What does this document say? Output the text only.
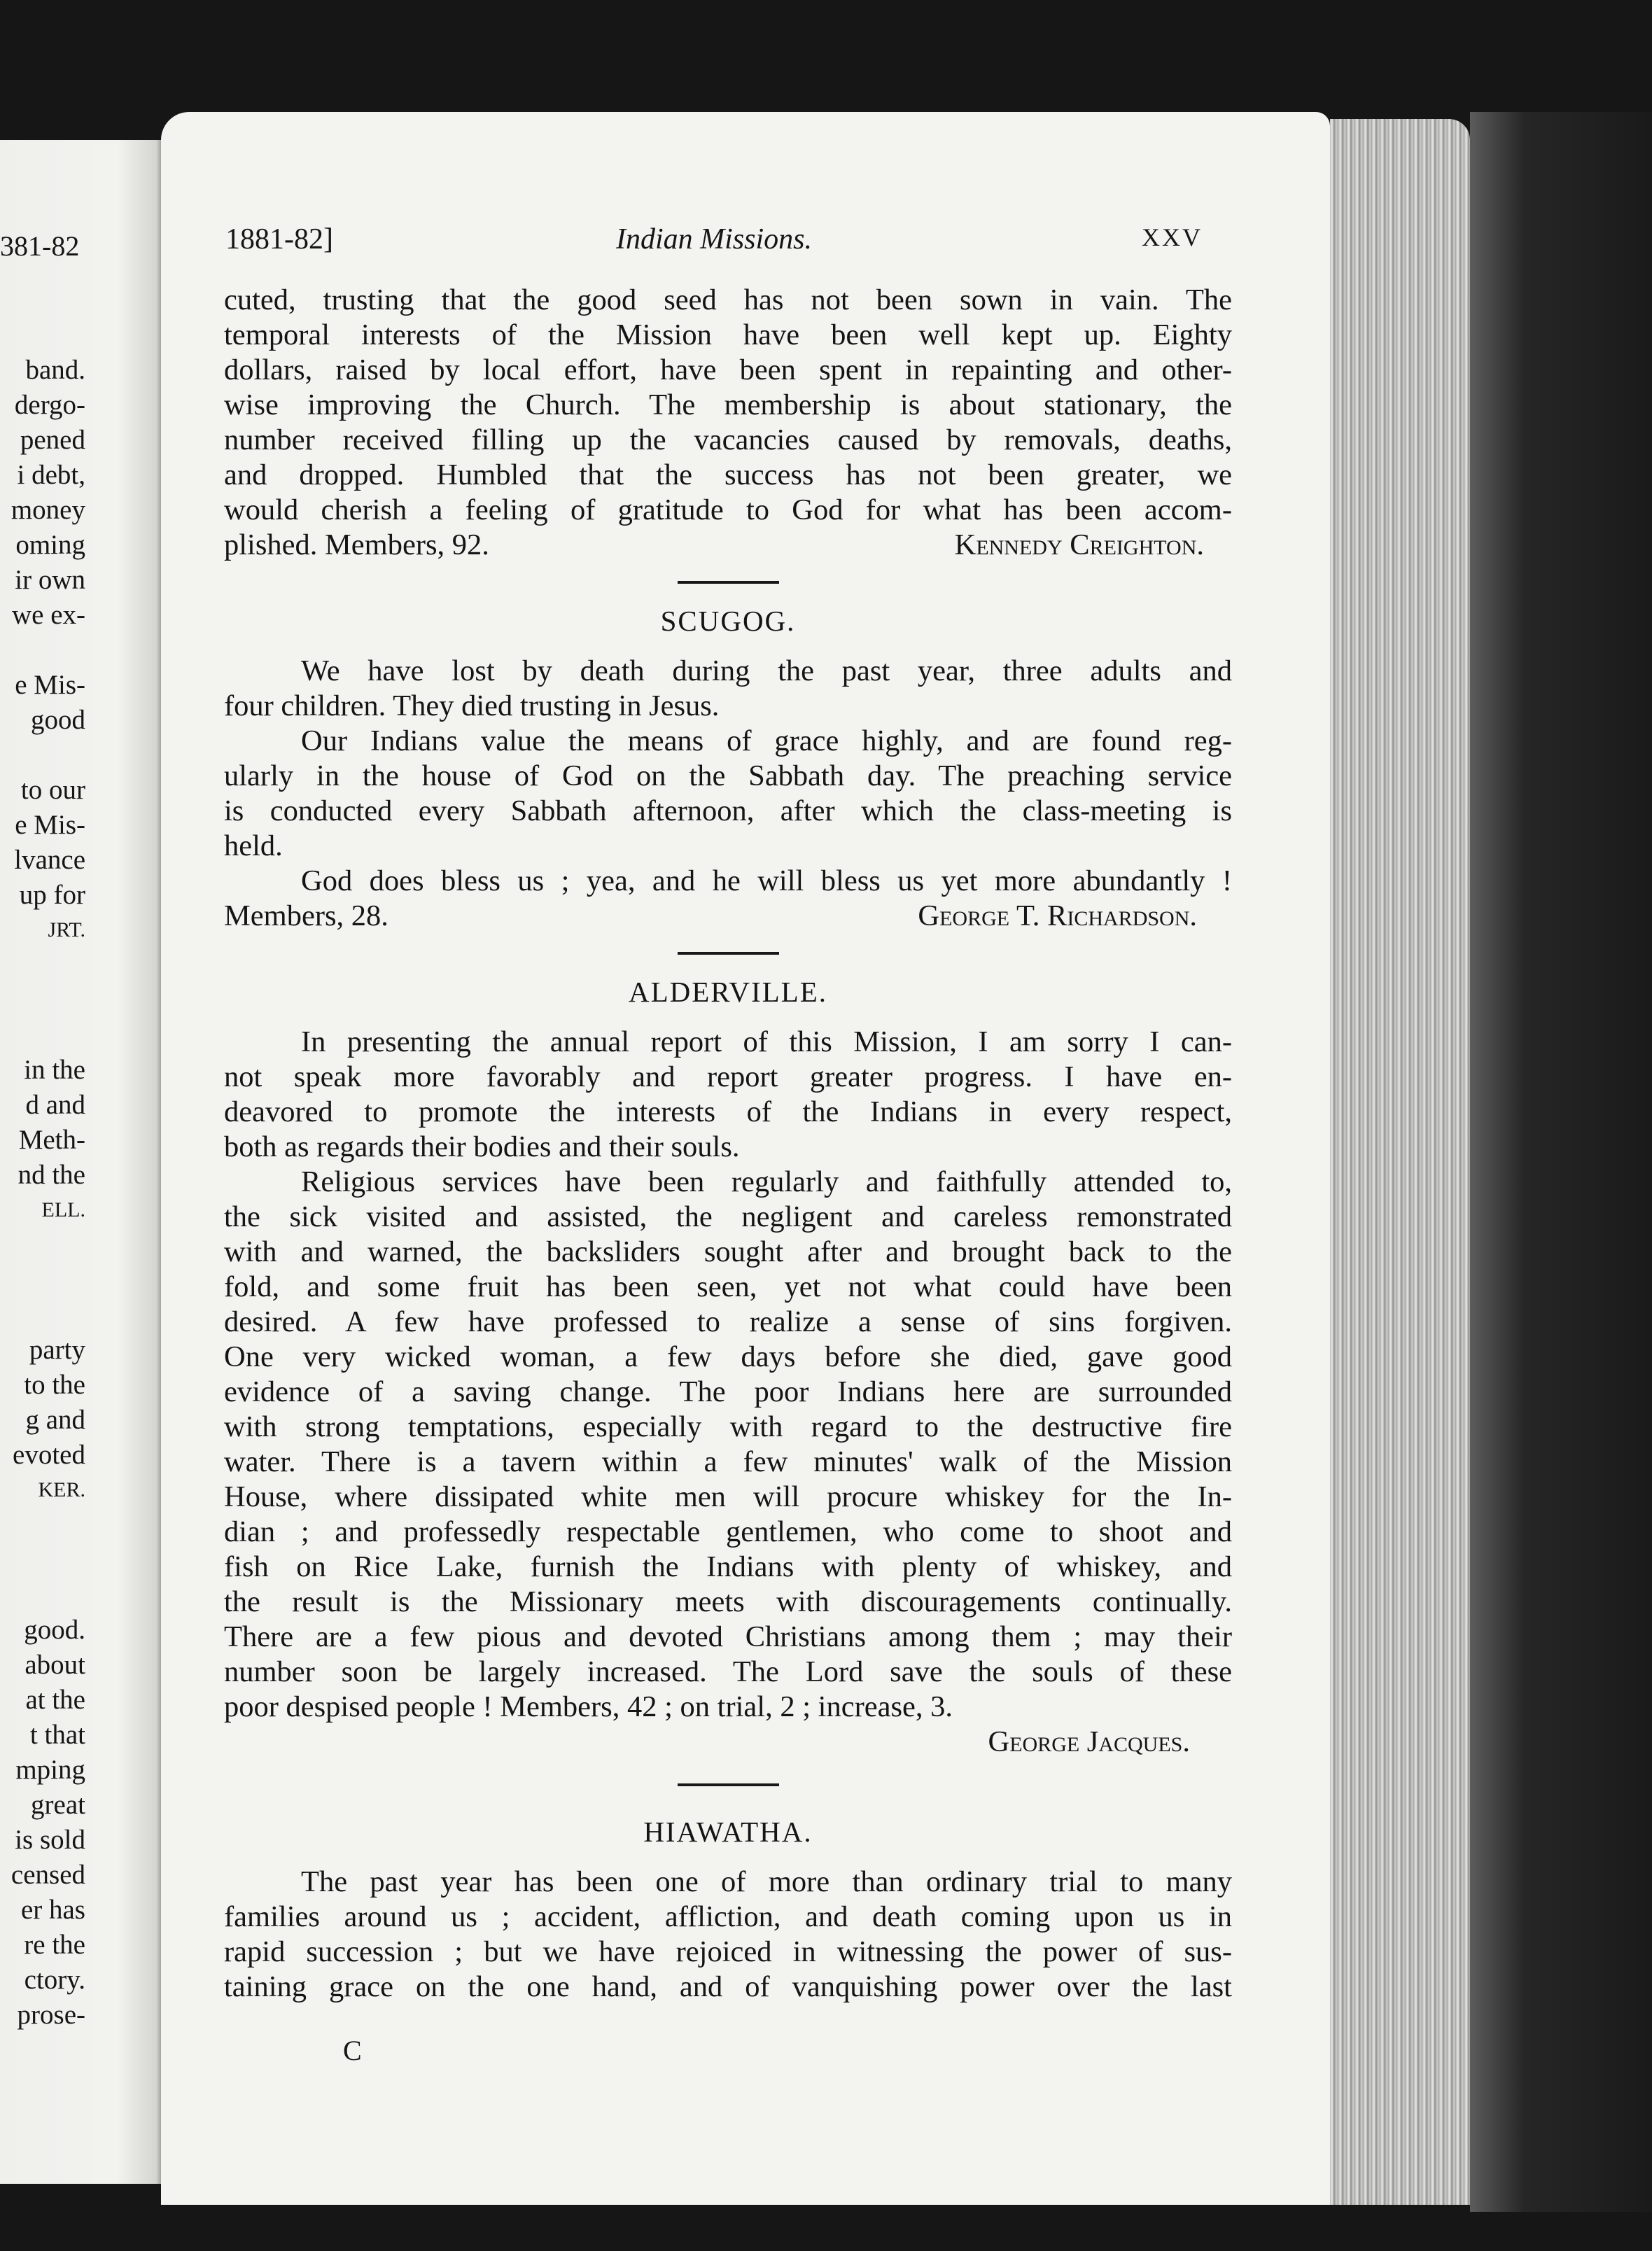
381-82
band.
dergo-
pened
i debt,
money
oming
ir own
we ex-
e Mis-
good
to our
e Mis-
lvance
up for
JRT.
in the
d and
Meth-
nd the
ELL.
party
to the
g and
evoted
KER.
good.
about
at the
t that
mping
great
is sold
censed
er has
re the
ctory.
prose-
1881-82]	Indian Missions.	XXV

cuted, trusting that the good seed has not been sown in vain. The
temporal interests of the Mission have been well kept up. Eighty
dollars, raised by local effort, have been spent in repainting and other-
wise improving the Church. The membership is about stationary, the
number received filling up the vacancies caused by removals, deaths,
and dropped. Humbled that the success has not been greater, we
would cherish a feeling of gratitude to God for what has been accom-

plished. Members, 92.	Kennedy Creighton.
SCUGOG.

We have lost by death during the past year, three adults and
four children. They died trusting in Jesus.

Our Indians value the means of grace highly, and are found reg-
ularly in the house of God on the Sabbath day. The preaching service
is conducted every Sabbath afternoon, after which the class-meeting is
held.

God does bless us ; yea, and he will bless us yet more abundantly !

Members, 28.	George T. Richardson.
ALDERVILLE.

In presenting the annual report of this Mission, I am sorry I can-
not speak more favorably and report greater progress. I have en-
deavored to promote the interests of the Indians in every respect,
both as regards their bodies and their souls.

Religious services have been regularly and faithfully attended to,
the sick visited and assisted, the negligent and careless remonstrated
with and warned, the backsliders sought after and brought back to the
fold, and some fruit has been seen, yet not what could have been
desired. A few have professed to realize a sense of sins forgiven.
One very wicked woman, a few days before she died, gave good
evidence of a saving change. The poor Indians here are surrounded
with strong temptations, especially with regard to the destructive fire
water. There is a tavern within a few minutes' walk of the Mission
House, where dissipated white men will procure whiskey for the In-
dian ; and professedly respectable gentlemen, who come to shoot and
fish on Rice Lake, furnish the Indians with plenty of whiskey, and
the result is the Missionary meets with discouragements continually.
There are a few pious and devoted Christians among them ; may their
number soon be largely increased. The Lord save the souls of these
poor despised people ! Members, 42 ; on trial, 2 ; increase, 3.

George Jacques.
HIAWATHA.

The past year has been one of more than ordinary trial to many
families around us ; accident, affliction, and death coming upon us in
rapid succession ; but we have rejoiced in witnessing the power of sus-
taining grace on the one hand, and of vanquishing power over the last

C
